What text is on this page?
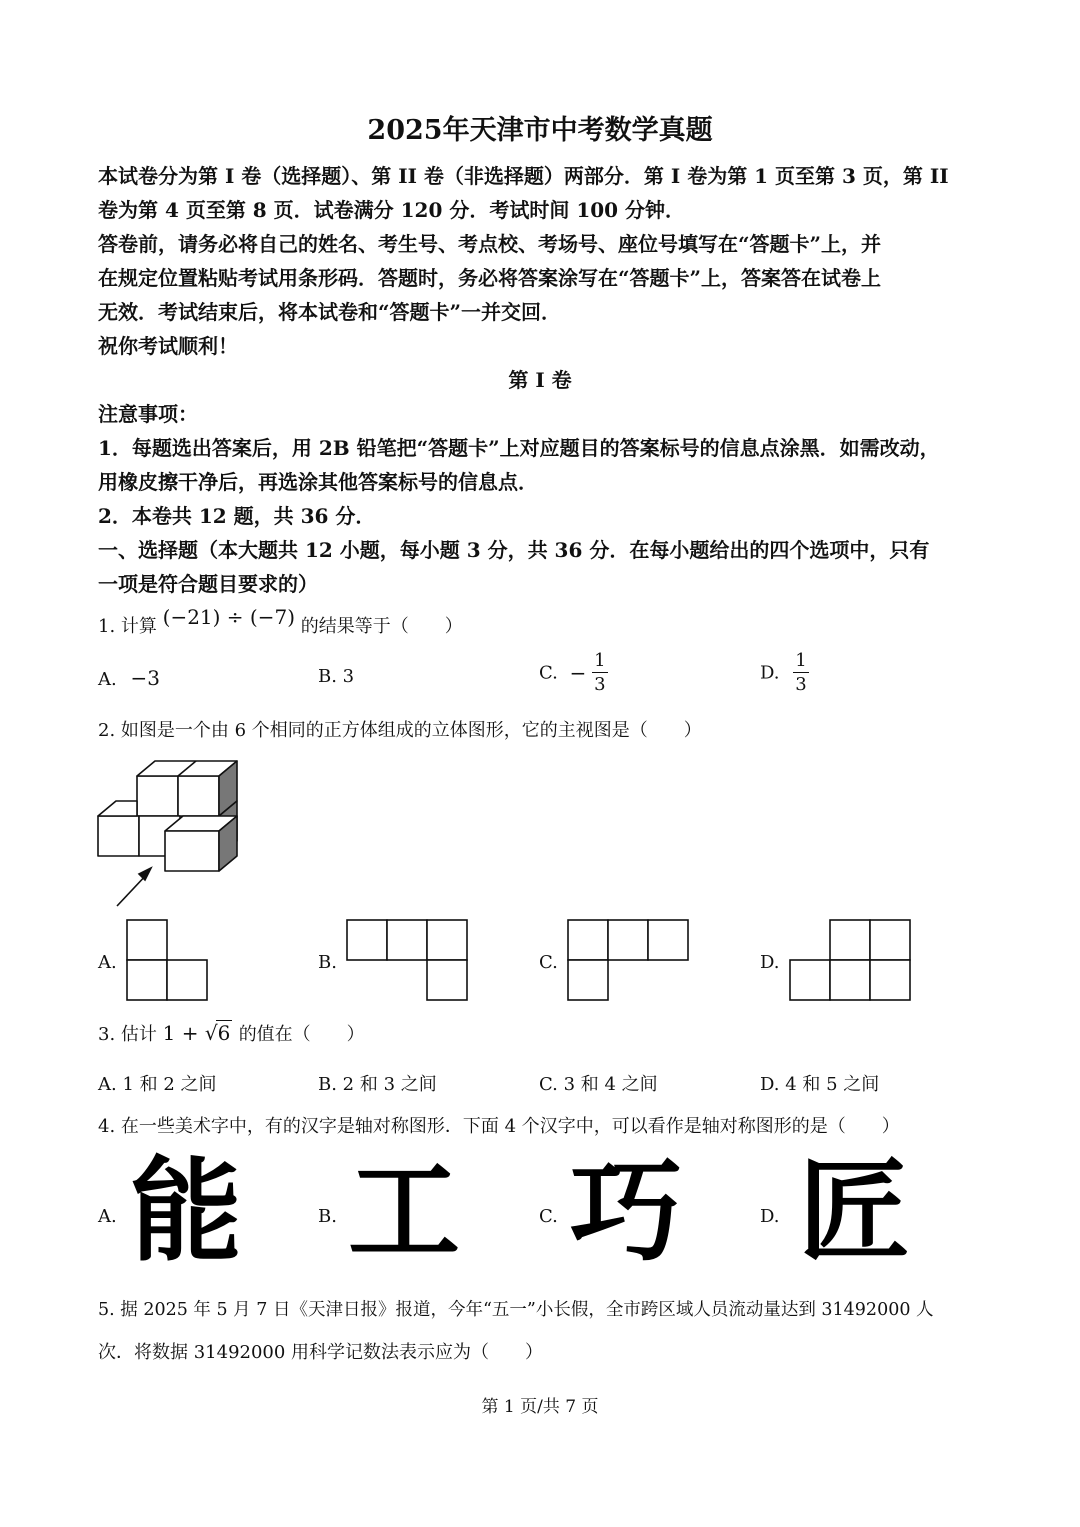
2025年天津市中考数学真题
本试卷分为第 I 卷（选择题）、第 II 卷（非选择题）两部分．第 I 卷为第 1 页至第 3 页，第 II
卷为第 4 页至第 8 页．试卷满分 120 分．考试时间 100 分钟．
答卷前，请务必将自己的姓名、考生号、考点校、考场号、座位号填写在“答题卡”上，并
在规定位置粘贴考试用条形码．答题时，务必将答案涂写在“答题卡”上，答案答在试卷上
无效．考试结束后，将本试卷和“答题卡”一并交回．
祝你考试顺利！
第 I 卷
注意事项：
1．每题选出答案后，用 2B 铅笔把“答题卡”上对应题目的答案标号的信息点涂黑．如需改动，
用橡皮擦干净后，再选涂其他答案标号的信息点．
2．本卷共 12 题，共 36 分．
一、选择题（本大题共 12 小题，每小题 3 分，共 36 分．在每小题给出的四个选项中，只有
一项是符合题目要求的）
1. 计算 (−21) ÷ (−7) 的结果等于（　　）
A. −3	B. 3	C. − $\frac{1}{3}$	D. $\frac{1}{3}$
2. 如图是一个由 6 个相同的正方体组成的立体图形，它的主视图是（　　）
A.	B.	C.	D.
3. 估计 1 + √6 的值在（　　）
A. 1 和 2 之间	B. 2 和 3 之间	C. 3 和 4 之间	D. 4 和 5 之间
4. 在一些美术字中，有的汉字是轴对称图形．下面 4 个汉字中，可以看作是轴对称图形的是（　　）
A. 能	B. 工	C. 巧	D. 匠
5. 据 2025 年 5 月 7 日《天津日报》报道，今年“五一”小长假，全市跨区域人员流动量达到 31492000 人
次．将数据 31492000 用科学记数法表示应为（　　）
第 1 页/共 7 页
